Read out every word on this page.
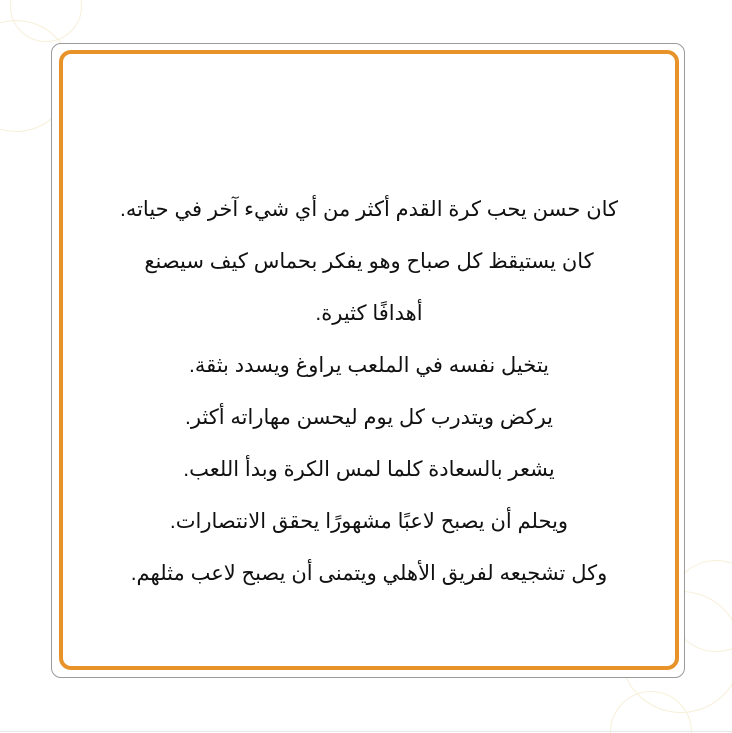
كان حسن يحب كرة القدم أكثر من أي شيء آخر في حياته.
كان يستيقظ كل صباح وهو يفكر بحماس كيف سيصنع
أهدافًا كثيرة.
يتخيل نفسه في الملعب يراوغ ويسدد بثقة.
يركض ويتدرب كل يوم ليحسن مهاراته أكثر.
يشعر بالسعادة كلما لمس الكرة وبدأ اللعب.
ويحلم أن يصبح لاعبًا مشهورًا يحقق الانتصارات.
وكل تشجيعه لفريق الأهلي ويتمنى أن يصبح لاعب مثلهم.
